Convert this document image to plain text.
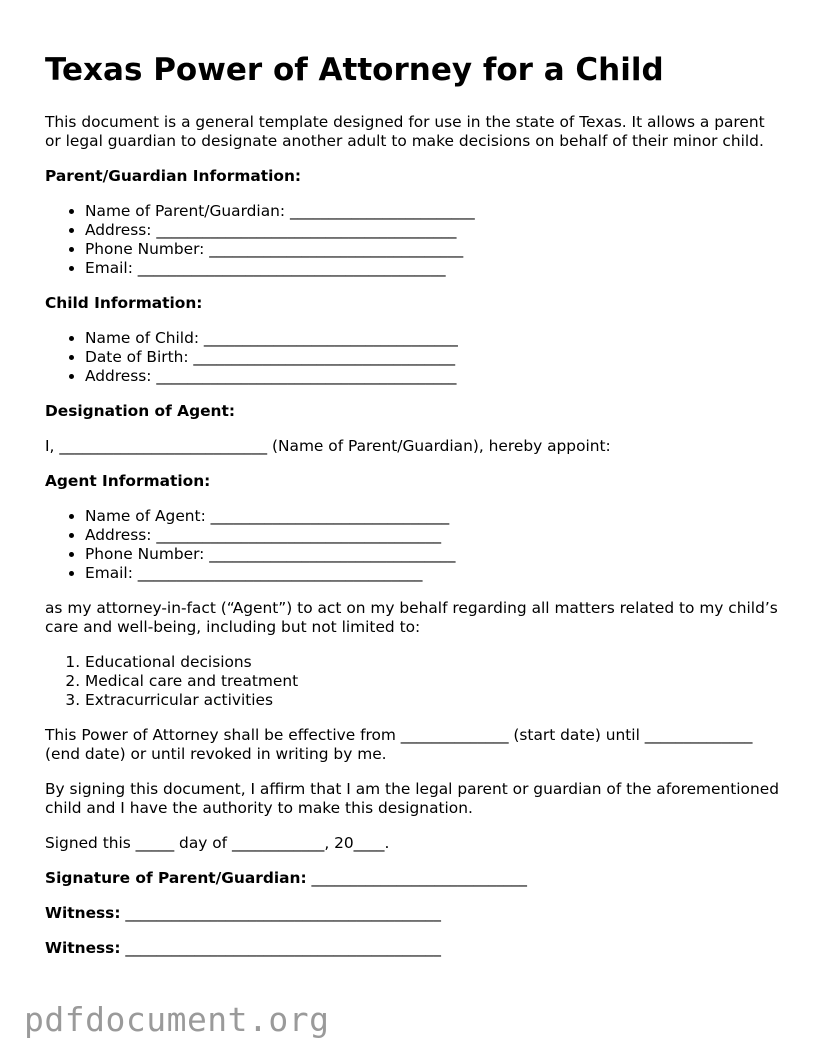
Texas Power of Attorney for a Child

This document is a general template designed for use in the state of Texas. It allows a parent or legal guardian to designate another adult to make decisions on behalf of their minor child.

Parent/Guardian Information:
• Name of Parent/Guardian: ________________________
• Address: _______________________________________
• Phone Number: _________________________________
• Email: ________________________________________
Child Information:
• Name of Child: _________________________________
• Date of Birth: __________________________________
• Address: _______________________________________
Designation of Agent:

I, ___________________________ (Name of Parent/Guardian), hereby appoint:

Agent Information:
• Name of Agent: _______________________________
• Address: _____________________________________
• Phone Number: ________________________________
• Email: _____________________________________

as my attorney-in-fact (“Agent”) to act on my behalf regarding all matters related to my child’s care and well-being, including but not limited to:

1. Educational decisions
2. Medical care and treatment
3. Extracurricular activities

This Power of Attorney shall be effective from ______________ (start date) until ______________ (end date) or until revoked in writing by me.

By signing this document, I affirm that I am the legal parent or guardian of the aforementioned child and I have the authority to make this designation.

Signed this _____ day of ____________, 20____.

Signature of Parent/Guardian: ____________________________
Witness: _________________________________________
Witness: _________________________________________
pdfdocument.org
